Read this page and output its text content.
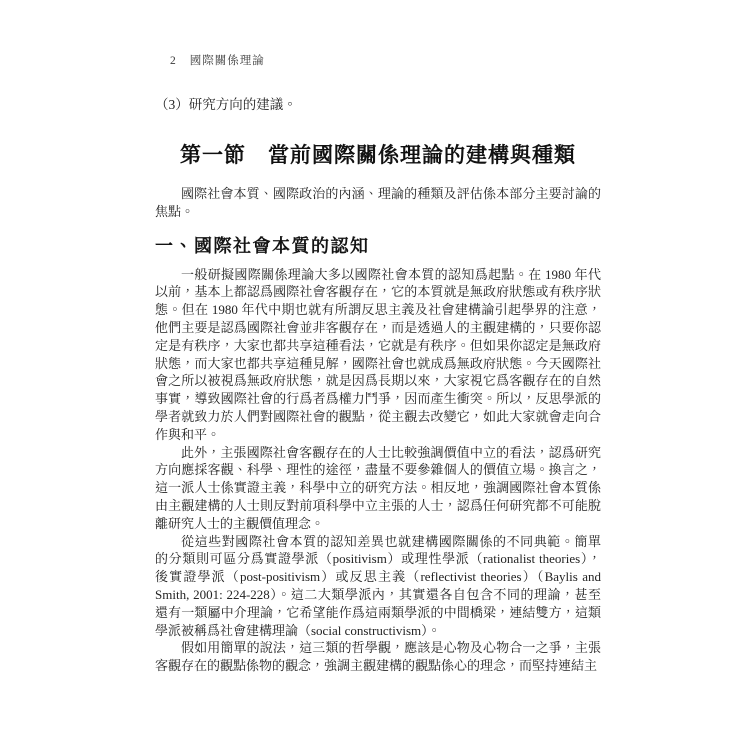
2 國際關係理論
（3）研究方向的建議。
第一節　當前國際關係理論的建構與種類
國際社會本質、國際政治的內涵、理論的種類及評估係本部分主要討論的
焦點。
一、國際社會本質的認知
一般研擬國際關係理論大多以國際社會本質的認知爲起點。在 1980 年代
以前，基本上都認爲國際社會客觀存在，它的本質就是無政府狀態或有秩序狀
態。但在 1980 年代中期也就有所謂反思主義及社會建構論引起學界的注意，
他們主要是認爲國際社會並非客觀存在，而是透過人的主觀建構的，只要你認
定是有秩序，大家也都共享這種看法，它就是有秩序。但如果你認定是無政府
狀態，而大家也都共享這種見解，國際社會也就成爲無政府狀態。今天國際社
會之所以被視爲無政府狀態，就是因爲長期以來，大家視它爲客觀存在的自然
事實，導致國際社會的行爲者爲權力鬥爭，因而產生衝突。所以，反思學派的
學者就致力於人們對國際社會的觀點，從主觀去改變它，如此大家就會走向合
作與和平。
此外，主張國際社會客觀存在的人士比較強調價值中立的看法，認爲研究
方向應採客觀、科學、理性的途徑，盡量不要參雜個人的價值立場。換言之，
這一派人士係實證主義，科學中立的研究方法。相反地，強調國際社會本質係
由主觀建構的人士則反對前項科學中立主張的人士，認爲任何研究都不可能脫
離研究人士的主觀價值理念。
從這些對國際社會本質的認知差異也就建構國際關係的不同典範。簡單
的分類則可區分爲實證學派（positivism）或理性學派（rationalist theories），
後實證學派（post-positivism）或反思主義（reflectivist theories）（Baylis and
Smith, 2001: 224-228）。這二大類學派內，其實還各自包含不同的理論，甚至
還有一類屬中介理論，它希望能作爲這兩類學派的中間橋梁，連結雙方，這類
學派被稱爲社會建構理論（social constructivism）。
假如用簡單的說法，這三類的哲學觀，應該是心物及心物合一之爭，主張
客觀存在的觀點係物的觀念，強調主觀建構的觀點係心的理念，而堅持連結主
